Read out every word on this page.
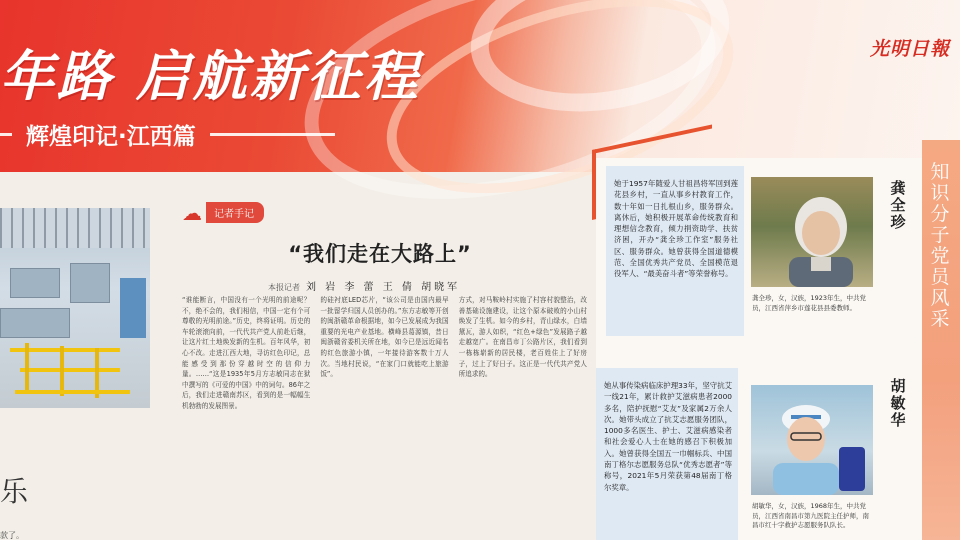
年路 启航新征程
辉煌印记·江西篇
光明日報
乐
款了。
☁	记者手记
“我们走在大路上”
本报记者 刘 岩 李 蕾 王 倩 胡晓军
“谁能断言，中国没有一个光明的前途呢？不，绝不会的，我们相信，中国一定有个可尊敬的光明前途。”历史，终将证明。历史的车轮滚滚向前，一代代共产党人前赴后继，让这片红土地焕发新的生机。百年风华，初心不改。走进江西大地，寻访红色印记，总能感受到那份穿越时空的信仰力量。……“这是1935年5月方志敏同志在狱中撰写的《可爱的中国》中的词句。86年之后，我们走进赣南苏区，看到的是一幅幅生机勃勃的发展图景。
的硅衬底LED芯片，“该公司是由国内最早一批留学归国人员创办的。”东方志敏等开创的闽浙赣革命根据地，如今已发展成为我国重要的光电产业基地。横峰县葛源镇，昔日闽浙赣省委机关所在地，如今已是远近闻名的红色旅游小镇，一年接待游客数十万人次。当地村民说，“在家门口就能吃上旅游饭”。
方式，对马鞍岭村实施了村容村貌整治，改善基础设施建设，让这个原本破败的小山村焕发了生机。如今的乡村，青山绿水，白墙黛瓦，游人如织，“红色+绿色”发展路子越走越宽广。在南昌市丁公路片区，我们看到一栋栋崭新的居民楼，老百姓住上了好房子，过上了好日子。这正是一代代共产党人所追求的。
知识分子党员风采
她于1957年随爱人甘祖昌将军回到莲花县乡村，一直从事乡村教育工作，数十年如一日扎根山乡，服务群众。离休后，她积极开展革命传统教育和理想信念教育，倾力捐资助学、扶贫济困，开办“龚全珍工作室”服务社区、服务群众。她曾获得全国道德模范、全国优秀共产党员、全国模范退役军人、“最美奋斗者”等荣誉称号。
龚全珍，女，汉族，1923年生，中共党员，江西省萍乡市莲花县县委教师。
龚全珍
她从事传染病临床护理33年，坚守抗艾一线21年，累计救护艾滋病患者2000多名，陪护抚慰“艾友”及家属2万余人次。她带头成立了抗艾志愿服务团队，1000多名医生、护士、艾滋病感染者和社会爱心人士在她的感召下积极加入。她曾获得全国五一巾帼标兵、中国南丁格尔志愿服务总队“优秀志愿者”等称号，2021年5月荣获第48届南丁格尔奖章。
胡敏华，女，汉族，1968年生，中共党员，江西省南昌市第九医院主任护师，南昌市红十字救护志愿服务队队长。
胡敏华
